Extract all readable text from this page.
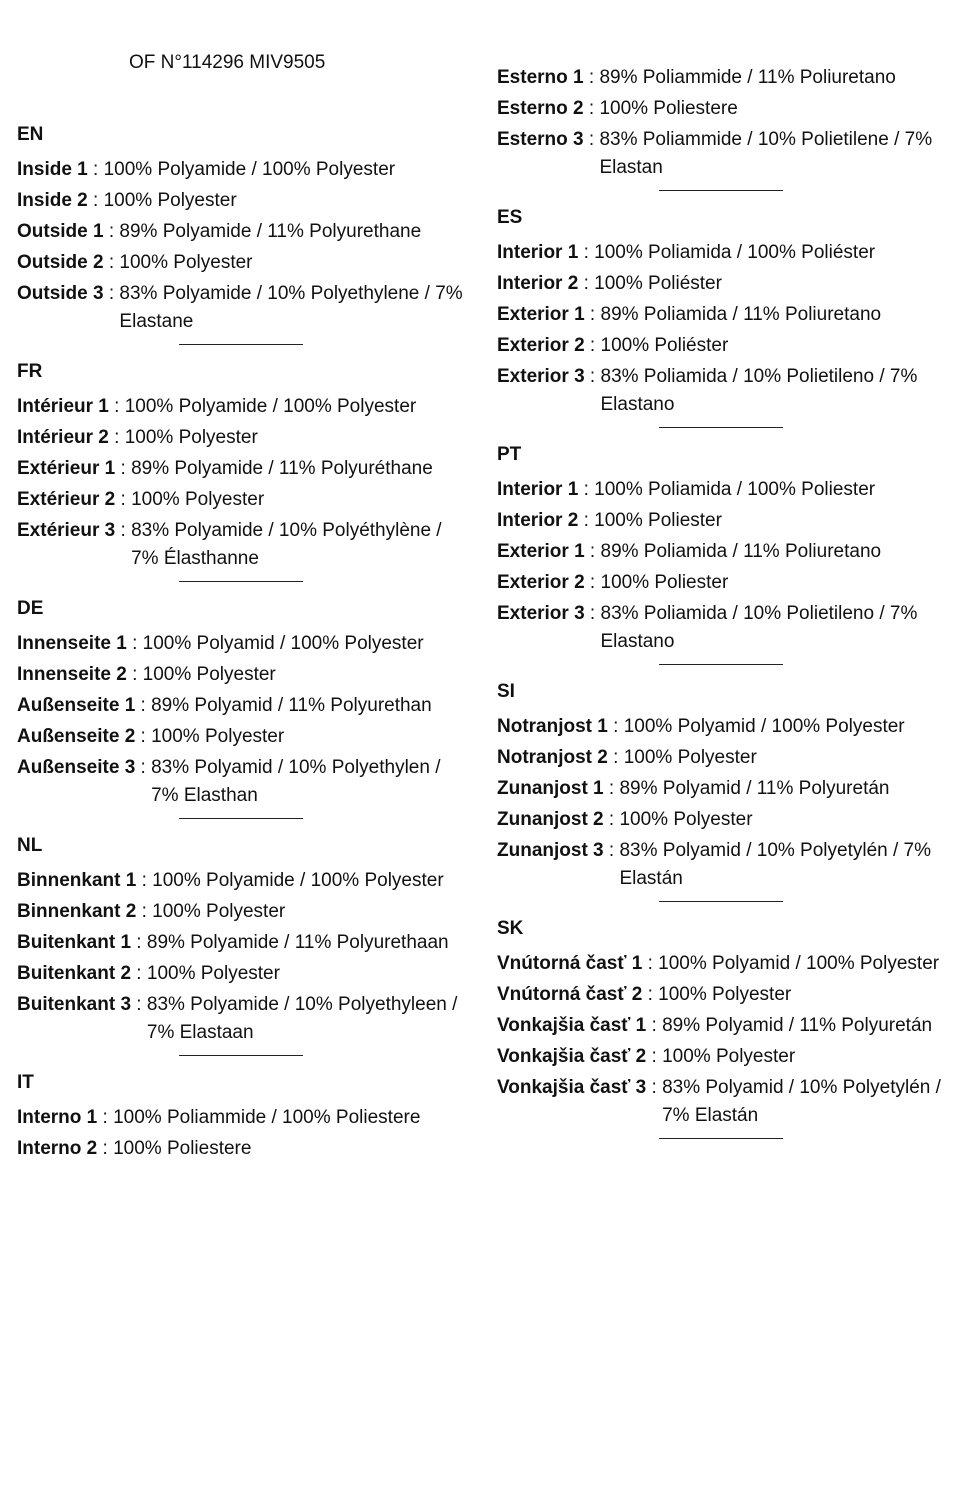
OF N°114296 MIV9505
EN
Inside 1 : 100% Polyamide / 100% Polyester
Inside 2 : 100% Polyester
Outside 1 : 89% Polyamide / 11% Polyurethane
Outside 2 : 100% Polyester
Outside 3 : 83% Polyamide / 10% Polyethylene / 7% Elastane
FR
Intérieur 1 : 100% Polyamide / 100% Polyester
Intérieur 2 : 100% Polyester
Extérieur 1 : 89% Polyamide / 11% Polyuréthane
Extérieur 2 : 100% Polyester
Extérieur 3 : 83% Polyamide / 10% Polyéthylène / 7% Élasthanne
DE
Innenseite 1 : 100% Polyamid / 100% Polyester
Innenseite 2 : 100% Polyester
Außenseite 1 : 89% Polyamid / 11% Polyurethan
Außenseite 2 : 100% Polyester
Außenseite 3 : 83% Polyamid / 10% Polyethylen / 7% Elasthan
NL
Binnenkant 1 : 100% Polyamide / 100% Polyester
Binnenkant 2 : 100% Polyester
Buitenkant 1 : 89% Polyamide / 11% Polyurethaan
Buitenkant 2 : 100% Polyester
Buitenkant 3 : 83% Polyamide / 10% Polyethyleen / 7% Elastaan
IT
Interno 1 : 100% Poliammide / 100% Poliestere
Interno 2 : 100% Poliestere
Esterno 1 : 89% Poliammide / 11% Poliuretano
Esterno 2 : 100% Poliestere
Esterno 3 : 83% Poliammide / 10% Polietilene / 7% Elastan
ES
Interior 1 : 100% Poliamida / 100% Poliéster
Interior 2 : 100% Poliéster
Exterior 1 : 89% Poliamida / 11% Poliuretano
Exterior 2 : 100% Poliéster
Exterior 3 : 83% Poliamida / 10% Polietileno / 7% Elastano
PT
Interior 1 : 100% Poliamida / 100% Poliester
Interior 2 : 100% Poliester
Exterior 1 : 89% Poliamida / 11% Poliuretano
Exterior 2 : 100% Poliester
Exterior 3 : 83% Poliamida / 10% Polietileno / 7% Elastano
SI
Notranjost 1 : 100% Polyamid / 100% Polyester
Notranjost 2 : 100% Polyester
Zunanjost 1 : 89% Polyamid / 11% Polyuretán
Zunanjost 2 : 100% Polyester
Zunanjost 3 : 83% Polyamid / 10% Polyetylén / 7% Elastán
SK
Vnútorná časť 1 : 100% Polyamid / 100% Polyester
Vnútorná časť 2 : 100% Polyester
Vonkajšia časť 1 : 89% Polyamid / 11% Polyuretán
Vonkajšia časť 2 : 100% Polyester
Vonkajšia časť 3 : 83% Polyamid / 10% Polyetylén / 7% Elastán
